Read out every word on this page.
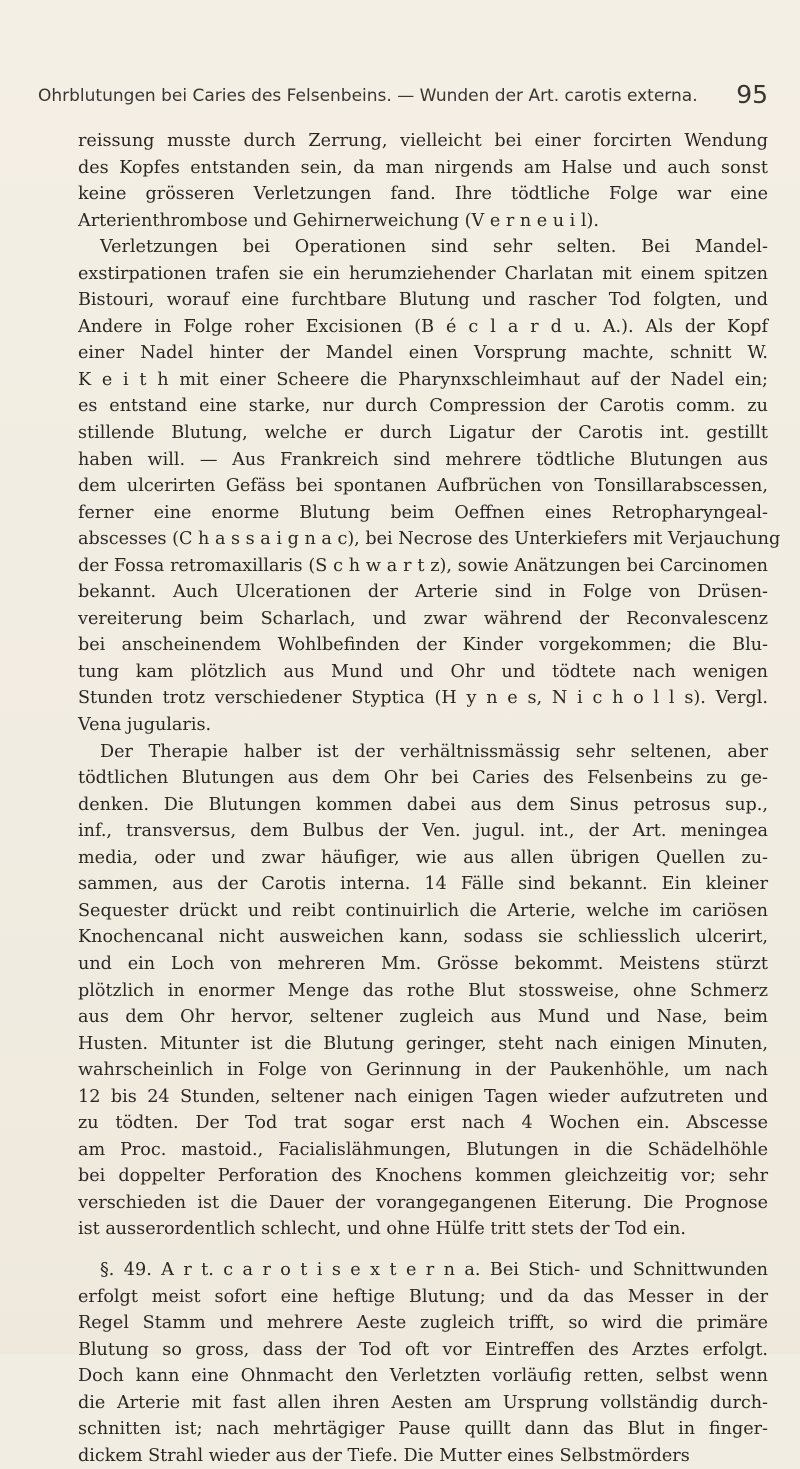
Ohrblutungen bei Caries des Felsenbeins. — Wunden der Art. carotis externa. 95
reissung musste durch Zerrung, vielleicht bei einer forcirten Wendung
des Kopfes entstanden sein, da man nirgends am Halse und auch sonst
keine grösseren Verletzungen fand. Ihre tödtliche Folge war eine
Arterienthrombose und Gehirnerweichung (V e r n e u i l).
Verletzungen bei Operationen sind sehr selten. Bei Mandel-
exstirpationen trafen sie ein herumziehender Charlatan mit einem spitzen
Bistouri, worauf eine furchtbare Blutung und rascher Tod folgten, und
Andere in Folge roher Excisionen (B é c l a r d u. A.). Als der Kopf
einer Nadel hinter der Mandel einen Vorsprung machte, schnitt W.
K e i t h mit einer Scheere die Pharynxschleimhaut auf der Nadel ein;
es entstand eine starke, nur durch Compression der Carotis comm. zu
stillende Blutung, welche er durch Ligatur der Carotis int. gestillt
haben will. — Aus Frankreich sind mehrere tödtliche Blutungen aus
dem ulcerirten Gefäss bei spontanen Aufbrüchen von Tonsillarabscessen,
ferner eine enorme Blutung beim Oeffnen eines Retropharyngeal-
abscesses (C h a s s a i g n a c), bei Necrose des Unterkiefers mit Verjauchung
der Fossa retromaxillaris (S c h w a r t z), sowie Anätzungen bei Carcinomen
bekannt. Auch Ulcerationen der Arterie sind in Folge von Drüsen-
vereiterung beim Scharlach, und zwar während der Reconvalescenz
bei anscheinendem Wohlbefinden der Kinder vorgekommen; die Blu-
tung kam plötzlich aus Mund und Ohr und tödtete nach wenigen
Stunden trotz verschiedener Styptica (H y n e s, N i c h o l l s). Vergl.
Vena jugularis.
Der Therapie halber ist der verhältnissmässig sehr seltenen, aber
tödtlichen Blutungen aus dem Ohr bei Caries des Felsenbeins zu ge-
denken. Die Blutungen kommen dabei aus dem Sinus petrosus sup.,
inf., transversus, dem Bulbus der Ven. jugul. int., der Art. meningea
media, oder und zwar häufiger, wie aus allen übrigen Quellen zu-
sammen, aus der Carotis interna. 14 Fälle sind bekannt. Ein kleiner
Sequester drückt und reibt continuirlich die Arterie, welche im cariösen
Knochencanal nicht ausweichen kann, sodass sie schliesslich ulcerirt,
und ein Loch von mehreren Mm. Grösse bekommt. Meistens stürzt
plötzlich in enormer Menge das rothe Blut stossweise, ohne Schmerz
aus dem Ohr hervor, seltener zugleich aus Mund und Nase, beim
Husten. Mitunter ist die Blutung geringer, steht nach einigen Minuten,
wahrscheinlich in Folge von Gerinnung in der Paukenhöhle, um nach
12 bis 24 Stunden, seltener nach einigen Tagen wieder aufzutreten und
zu tödten. Der Tod trat sogar erst nach 4 Wochen ein. Abscesse
am Proc. mastoid., Facialislähmungen, Blutungen in die Schädelhöhle
bei doppelter Perforation des Knochens kommen gleichzeitig vor; sehr
verschieden ist die Dauer der vorangegangenen Eiterung. Die Prognose
ist ausserordentlich schlecht, und ohne Hülfe tritt stets der Tod ein.
§. 49. A r t. c a r o t i s e x t e r n a. Bei Stich- und Schnittwunden
erfolgt meist sofort eine heftige Blutung; und da das Messer in der
Regel Stamm und mehrere Aeste zugleich trifft, so wird die primäre
Blutung so gross, dass der Tod oft vor Eintreffen des Arztes erfolgt.
Doch kann eine Ohnmacht den Verletzten vorläufig retten, selbst wenn
die Arterie mit fast allen ihren Aesten am Ursprung vollständig durch-
schnitten ist; nach mehrtägiger Pause quillt dann das Blut in finger-
dickem Strahl wieder aus der Tiefe. Die Mutter eines Selbstmörders
